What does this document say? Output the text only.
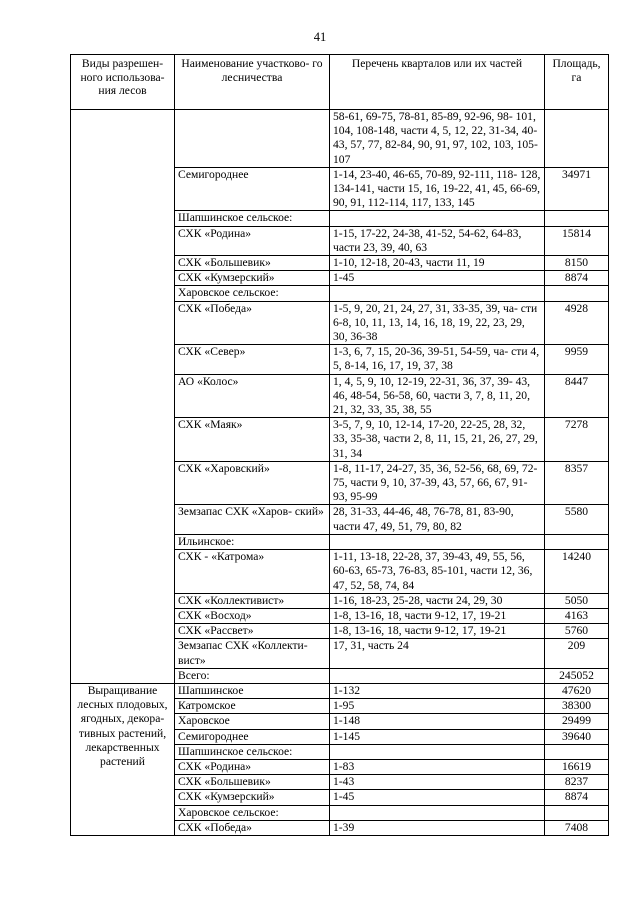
41
Виды разрешен- ного использова- ния лесов	Наименование участково- го лесничества	Перечень кварталов или их частей	Площадь, га
		58-61, 69-75, 78-81, 85-89, 92-96, 98- 101, 104, 108-148, части 4, 5, 12, 22, 31-34, 40-43, 57, 77, 82-84, 90, 91, 97, 102, 103, 105-107	
	Семигороднее	1-14, 23-40, 46-65, 70-89, 92-111, 118- 128, 134-141, части 15, 16, 19-22, 41, 45, 66-69, 90, 91, 112-114, 117, 133, 145	34971
	Шапшинское сельское:		
	СХК «Родина»	1-15, 17-22, 24-38, 41-52, 54-62, 64-83, части 23, 39, 40, 63	15814
	СХК «Большевик»	1-10, 12-18, 20-43, части 11, 19	8150
	СХК «Кумзерский»	1-45	8874
	Харовское сельское:		
	СХК «Победа»	1-5, 9, 20, 21, 24, 27, 31, 33-35, 39, ча- сти 6-8, 10, 11, 13, 14, 16, 18, 19, 22, 23, 29, 30, 36-38	4928
	СХК «Север»	1-3, 6, 7, 15, 20-36, 39-51, 54-59, ча- сти 4, 5, 8-14, 16, 17, 19, 37, 38	9959
	АО «Колос»	1, 4, 5, 9, 10, 12-19, 22-31, 36, 37, 39- 43, 46, 48-54, 56-58, 60, части 3, 7, 8, 11, 20, 21, 32, 33, 35, 38, 55	8447
	СХК «Маяк»	3-5, 7, 9, 10, 12-14, 17-20, 22-25, 28, 32, 33, 35-38, части 2, 8, 11, 15, 21, 26, 27, 29, 31, 34	7278
	СХК «Харовский»	1-8, 11-17, 24-27, 35, 36, 52-56, 68, 69, 72-75, части 9, 10, 37-39, 43, 57, 66, 67, 91-93, 95-99	8357
	Земзапас СХК «Харов- ский»	28, 31-33, 44-46, 48, 76-78, 81, 83-90, части 47, 49, 51, 79, 80, 82	5580
	Ильинское:		
	СХК - «Катрома»	1-11, 13-18, 22-28, 37, 39-43, 49, 55, 56, 60-63, 65-73, 76-83, 85-101, части 12, 36, 47, 52, 58, 74, 84	14240
	СХК «Коллективист»	1-16, 18-23, 25-28, части 24, 29, 30	5050
	СХК «Восход»	1-8, 13-16, 18, части 9-12, 17, 19-21	4163
	СХК «Рассвет»	1-8, 13-16, 18, части 9-12, 17, 19-21	5760
	Земзапас СХК «Коллекти- вист»	17, 31, часть 24	209
	Всего:		245052
Выращивание лесных плодовых, ягодных, декора- тивных растений, лекарственных растений	Шапшинское	1-132	47620
	Катромское	1-95	38300
	Харовское	1-148	29499
	Семигороднее	1-145	39640
	Шапшинское сельское:		
	СХК «Родина»	1-83	16619
	СХК «Большевик»	1-43	8237
	СХК «Кумзерский»	1-45	8874
	Харовское сельское:		
	СХК «Победа»	1-39	7408
